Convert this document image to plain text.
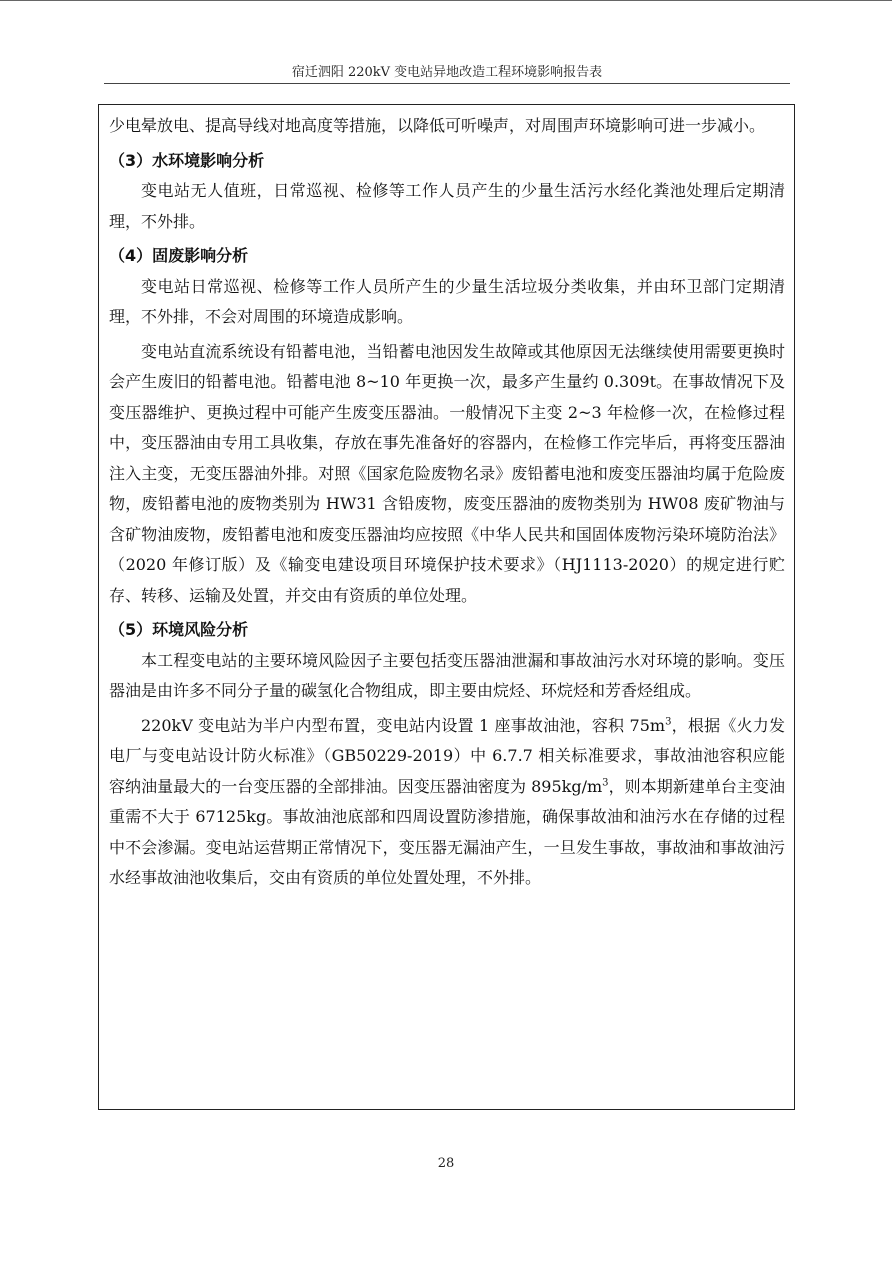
宿迁泗阳 220kV 变电站异地改造工程环境影响报告表

少电晕放电、提高导线对地高度等措施，以降低可听噪声，对周围声环境影响可进一步减小。

（3）水环境影响分析

变电站无人值班，日常巡视、检修等工作人员产生的少量生活污水经化粪池处理后定期清理，不外排。

（4）固废影响分析

变电站日常巡视、检修等工作人员所产生的少量生活垃圾分类收集，并由环卫部门定期清理，不外排，不会对周围的环境造成影响。

变电站直流系统设有铅蓄电池，当铅蓄电池因发生故障或其他原因无法继续使用需要更换时会产生废旧的铅蓄电池。铅蓄电池 8~10 年更换一次，最多产生量约 0.309t。在事故情况下及变压器维护、更换过程中可能产生废变压器油。一般情况下主变 2~3 年检修一次，在检修过程中，变压器油由专用工具收集，存放在事先准备好的容器内，在检修工作完毕后，再将变压器油注入主变，无变压器油外排。对照《国家危险废物名录》废铅蓄电池和废变压器油均属于危险废物，废铅蓄电池的废物类别为 HW31 含铅废物，废变压器油的废物类别为 HW08 废矿物油与含矿物油废物，废铅蓄电池和废变压器油均应按照《中华人民共和国固体废物污染环境防治法》（2020 年修订版）及《输变电建设项目环境保护技术要求》（HJ1113-2020）的规定进行贮存、转移、运输及处置，并交由有资质的单位处理。

（5）环境风险分析

本工程变电站的主要环境风险因子主要包括变压器油泄漏和事故油污水对环境的影响。变压器油是由许多不同分子量的碳氢化合物组成，即主要由烷烃、环烷烃和芳香烃组成。

220kV 变电站为半户内型布置，变电站内设置 1 座事故油池，容积 $75m^3$，根据《火力发电厂与变电站设计防火标准》（GB50229-2019）中 6.7.7 相关标准要求，事故油池容积应能容纳油量最大的一台变压器的全部排油。因变压器油密度为 $895kg/m^3$，则本期新建单台主变油重需不大于 67125kg。事故油池底部和四周设置防渗措施，确保事故油和油污水在存储的过程中不会渗漏。变电站运营期正常情况下，变压器无漏油产生，一旦发生事故，事故油和事故油污水经事故油池收集后，交由有资质的单位处置处理，不外排。

28
